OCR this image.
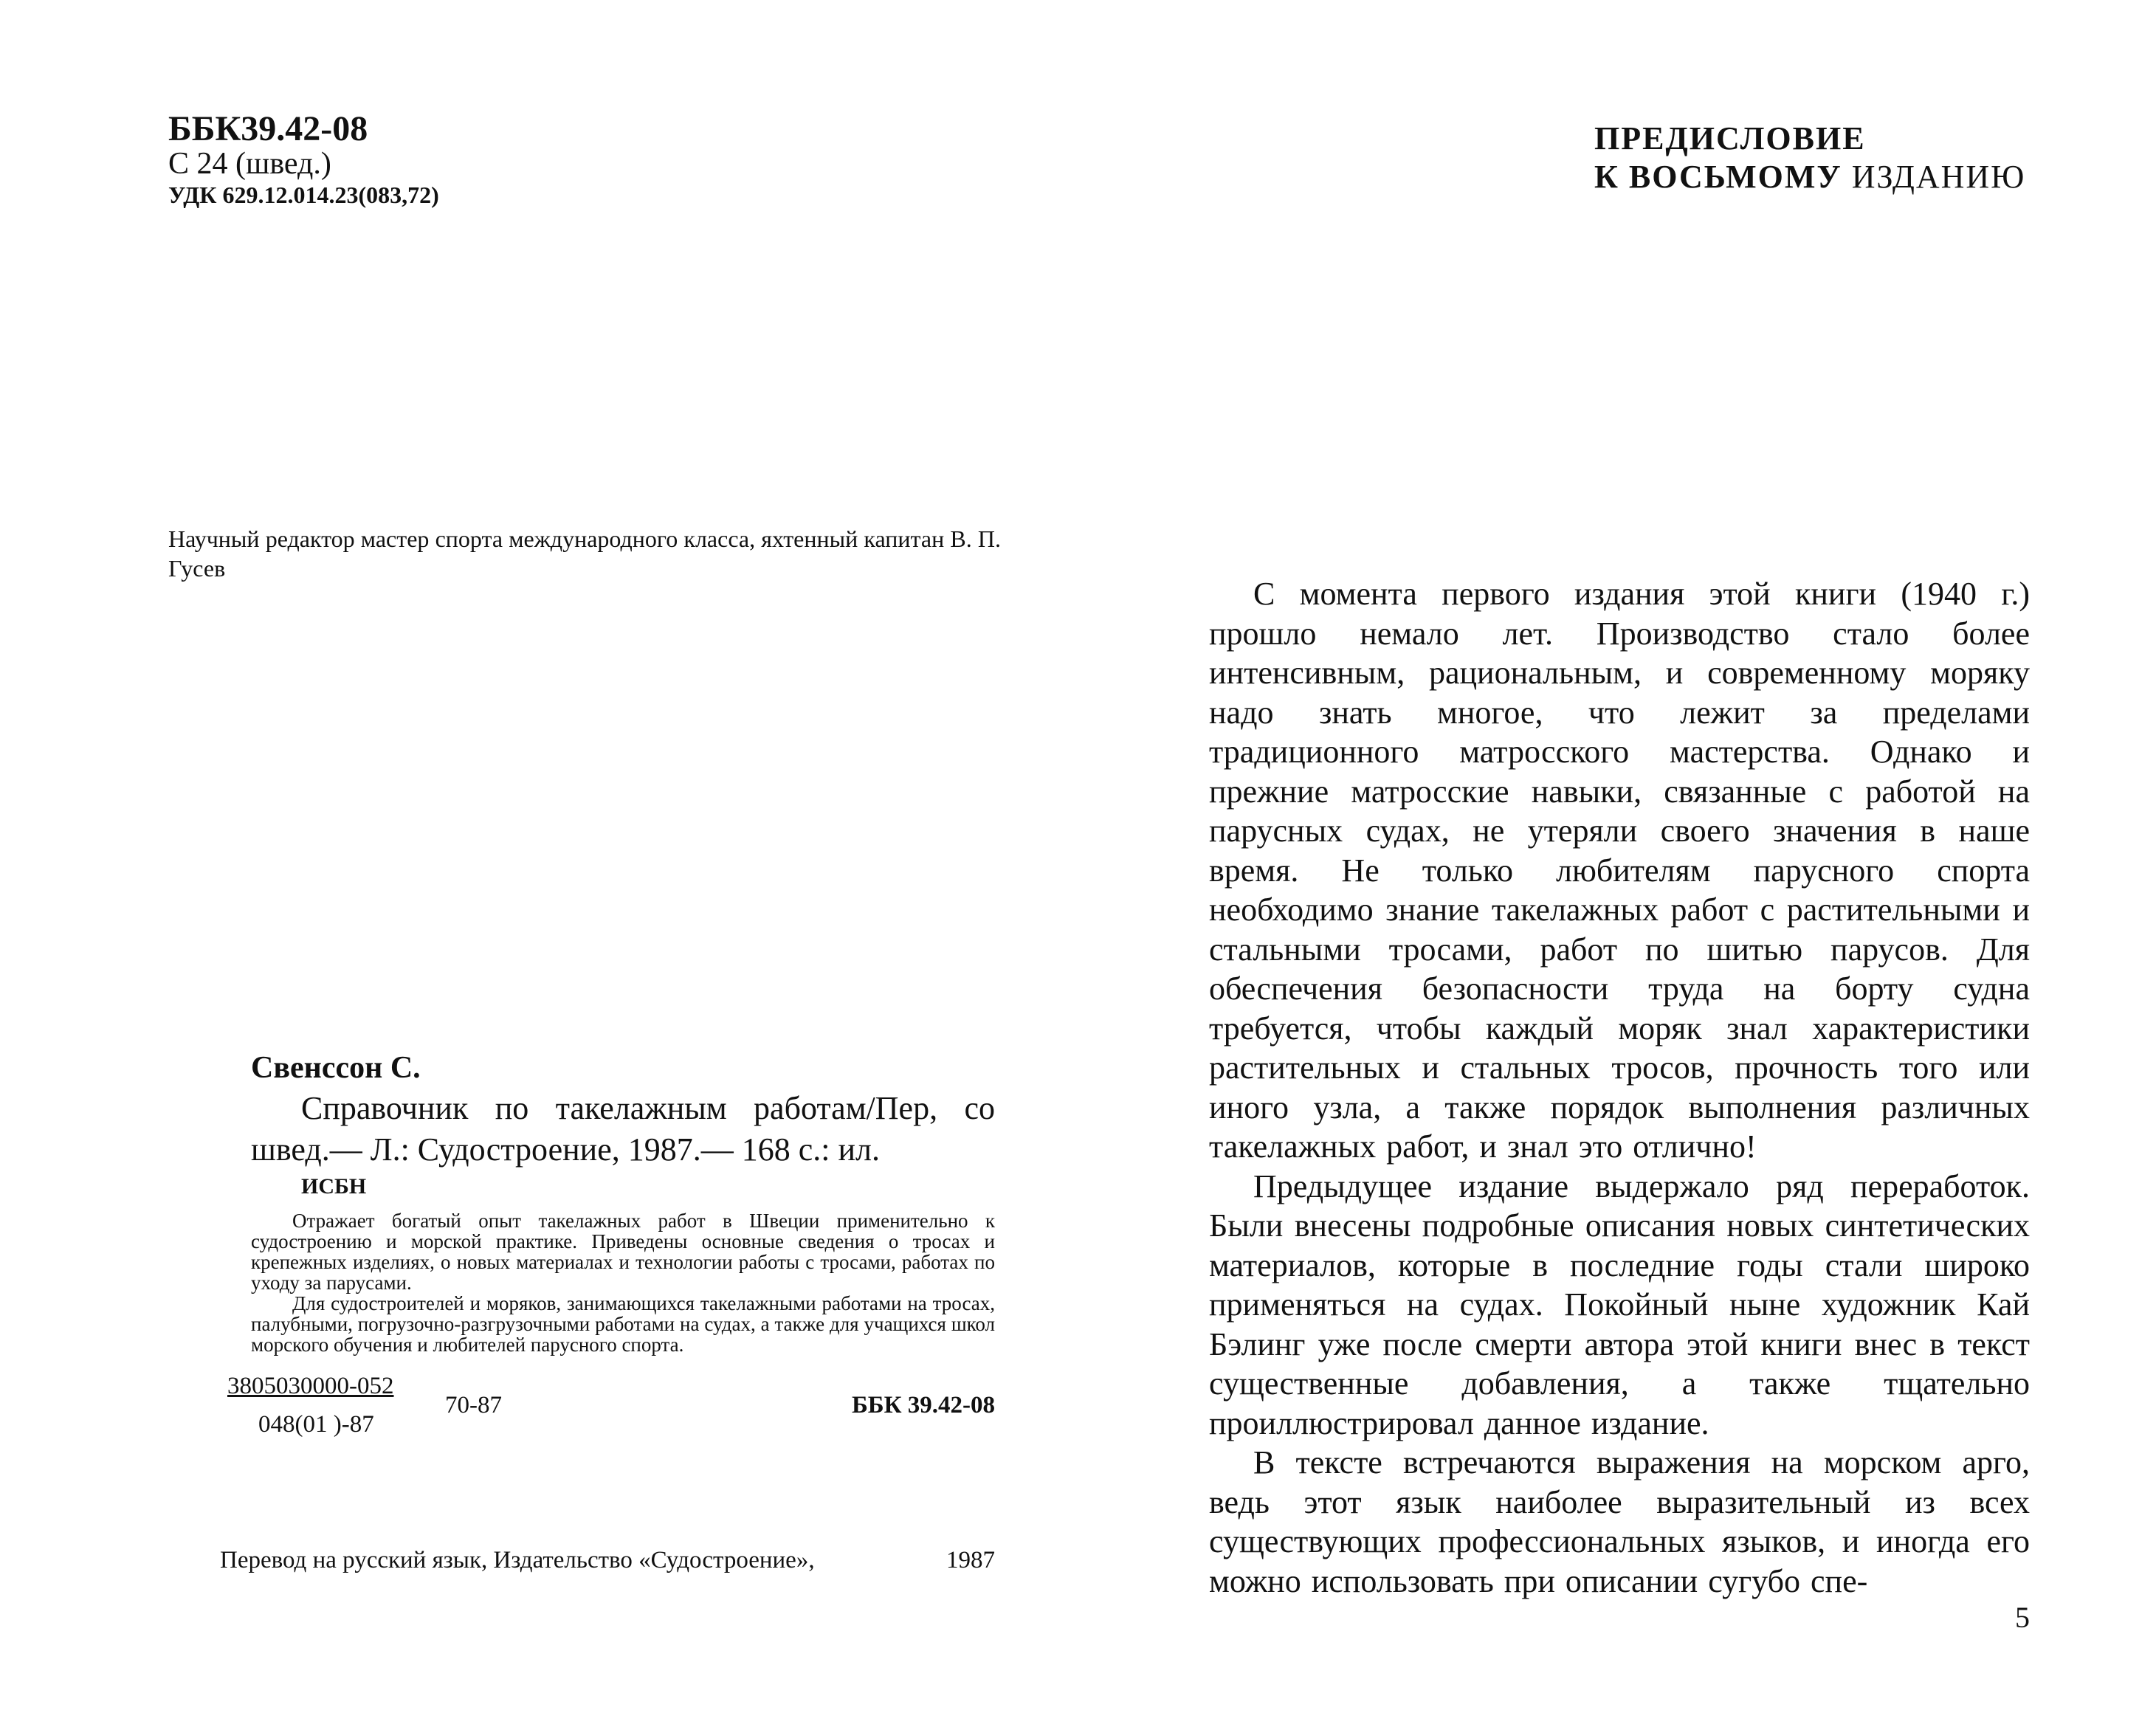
ББК39.42-08
С 24 (швед.)
УДК 629.12.014.23(083,72)
Научный редактор мастер спорта международного класса, яхтенный капитан В. П. Гусев
Свенссон С.
Справочник по такелажным работам/Пер, со швед.— Л.: Судостроение, 1987.— 168 с.: ил.
ИСБН

Отражает богатый опыт такелажных работ в Швеции применительно к судостроению и морской практике. Приведены основные сведения о тросах и крепежных изделиях, о новых материалах и технологии работы с тросами, работах по уходу за парусами.

Для судостроителей и моряков, занимающихся такелажными работами на тросах, палубными, погрузочно-разгрузочными работами на судах, а также для учащихся школ морского обучения и любителей парусного спорта.

3805030000-052
048(01 )-87
70-87	ББК 39.42-08
Перевод на русский язык, Издательство «Судостроение»,	1987
ПРЕДИСЛОВИЕ
К ВОСЬМОМУ ИЗДАНИЮ

С момента первого издания этой книги (1940 г.) прошло немало лет. Производство стало более интенсивным, рациональным, и современному моряку надо знать многое, что лежит за пределами традиционного матросского мастерства. Однако и прежние матросские навыки, связанные с работой на парусных судах, не утеряли своего значения в наше время. Не только любителям парусного спорта необходимо знание такелажных работ с растительными и стальными тросами, работ по шитью парусов. Для обеспечения безопасности труда на борту судна требуется, чтобы каждый моряк знал характеристики растительных и стальных тросов, прочность того или иного узла, а также порядок выполнения различных такелажных работ, и знал это отлично!

Предыдущее издание выдержало ряд переработок. Были внесены подробные описания новых синтетических материалов, которые в последние годы стали широко применяться на судах. Покойный ныне художник Кай Бэлинг уже после смерти автора этой книги внес в текст существенные добавления, а также тщательно проиллюстрировал данное издание.

В тексте встречаются выражения на морском арго, ведь этот язык наиболее выразительный из всех существующих профессиональных языков, и иногда его можно использовать при описании сугубо спе-

5
